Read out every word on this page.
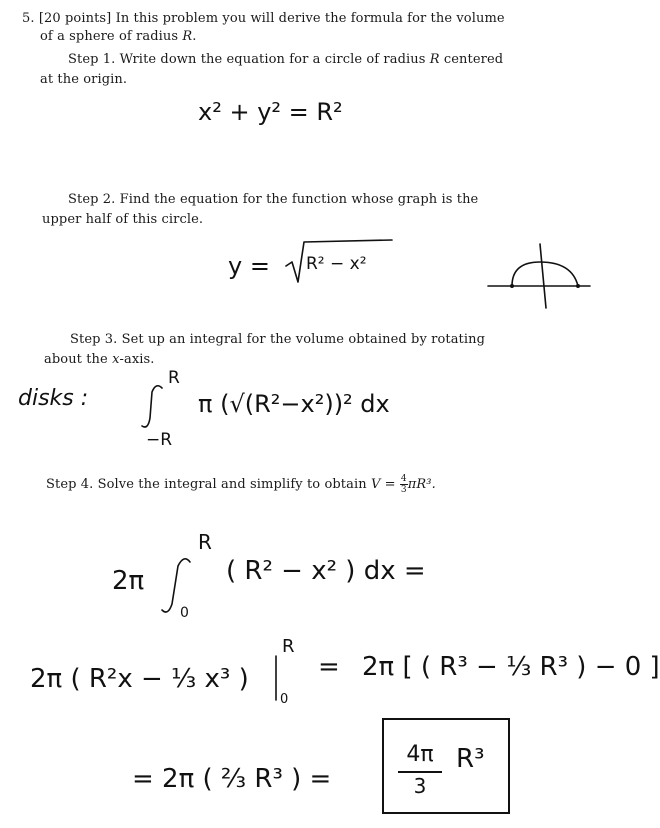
5. [20 points] In this problem you will derive the formula for the volume
of a sphere of radius R.
Step 1. Write down the equation for a circle of radius R centered
at the origin.
x² + y² = R²
Step 2. Find the equation for the function whose graph is the
upper half of this circle.
y = R² − x²
Step 3. Set up an integral for the volume obtained by rotating
about the x-axis.
disks :
R
−R
π (√(R²−x²))² dx
Step 4. Solve the integral and simplify to obtain $V = \frac{4}{3} \pi R^3$.
2π
R
0
( R² − x² ) dx =
2π ( R²x − ⅓ x³ )
R
0
= 2π [ ( R³ − ⅓ R³ ) − 0 ]
= 2π ( ⅔ R³ ) =
4π
3
R³
